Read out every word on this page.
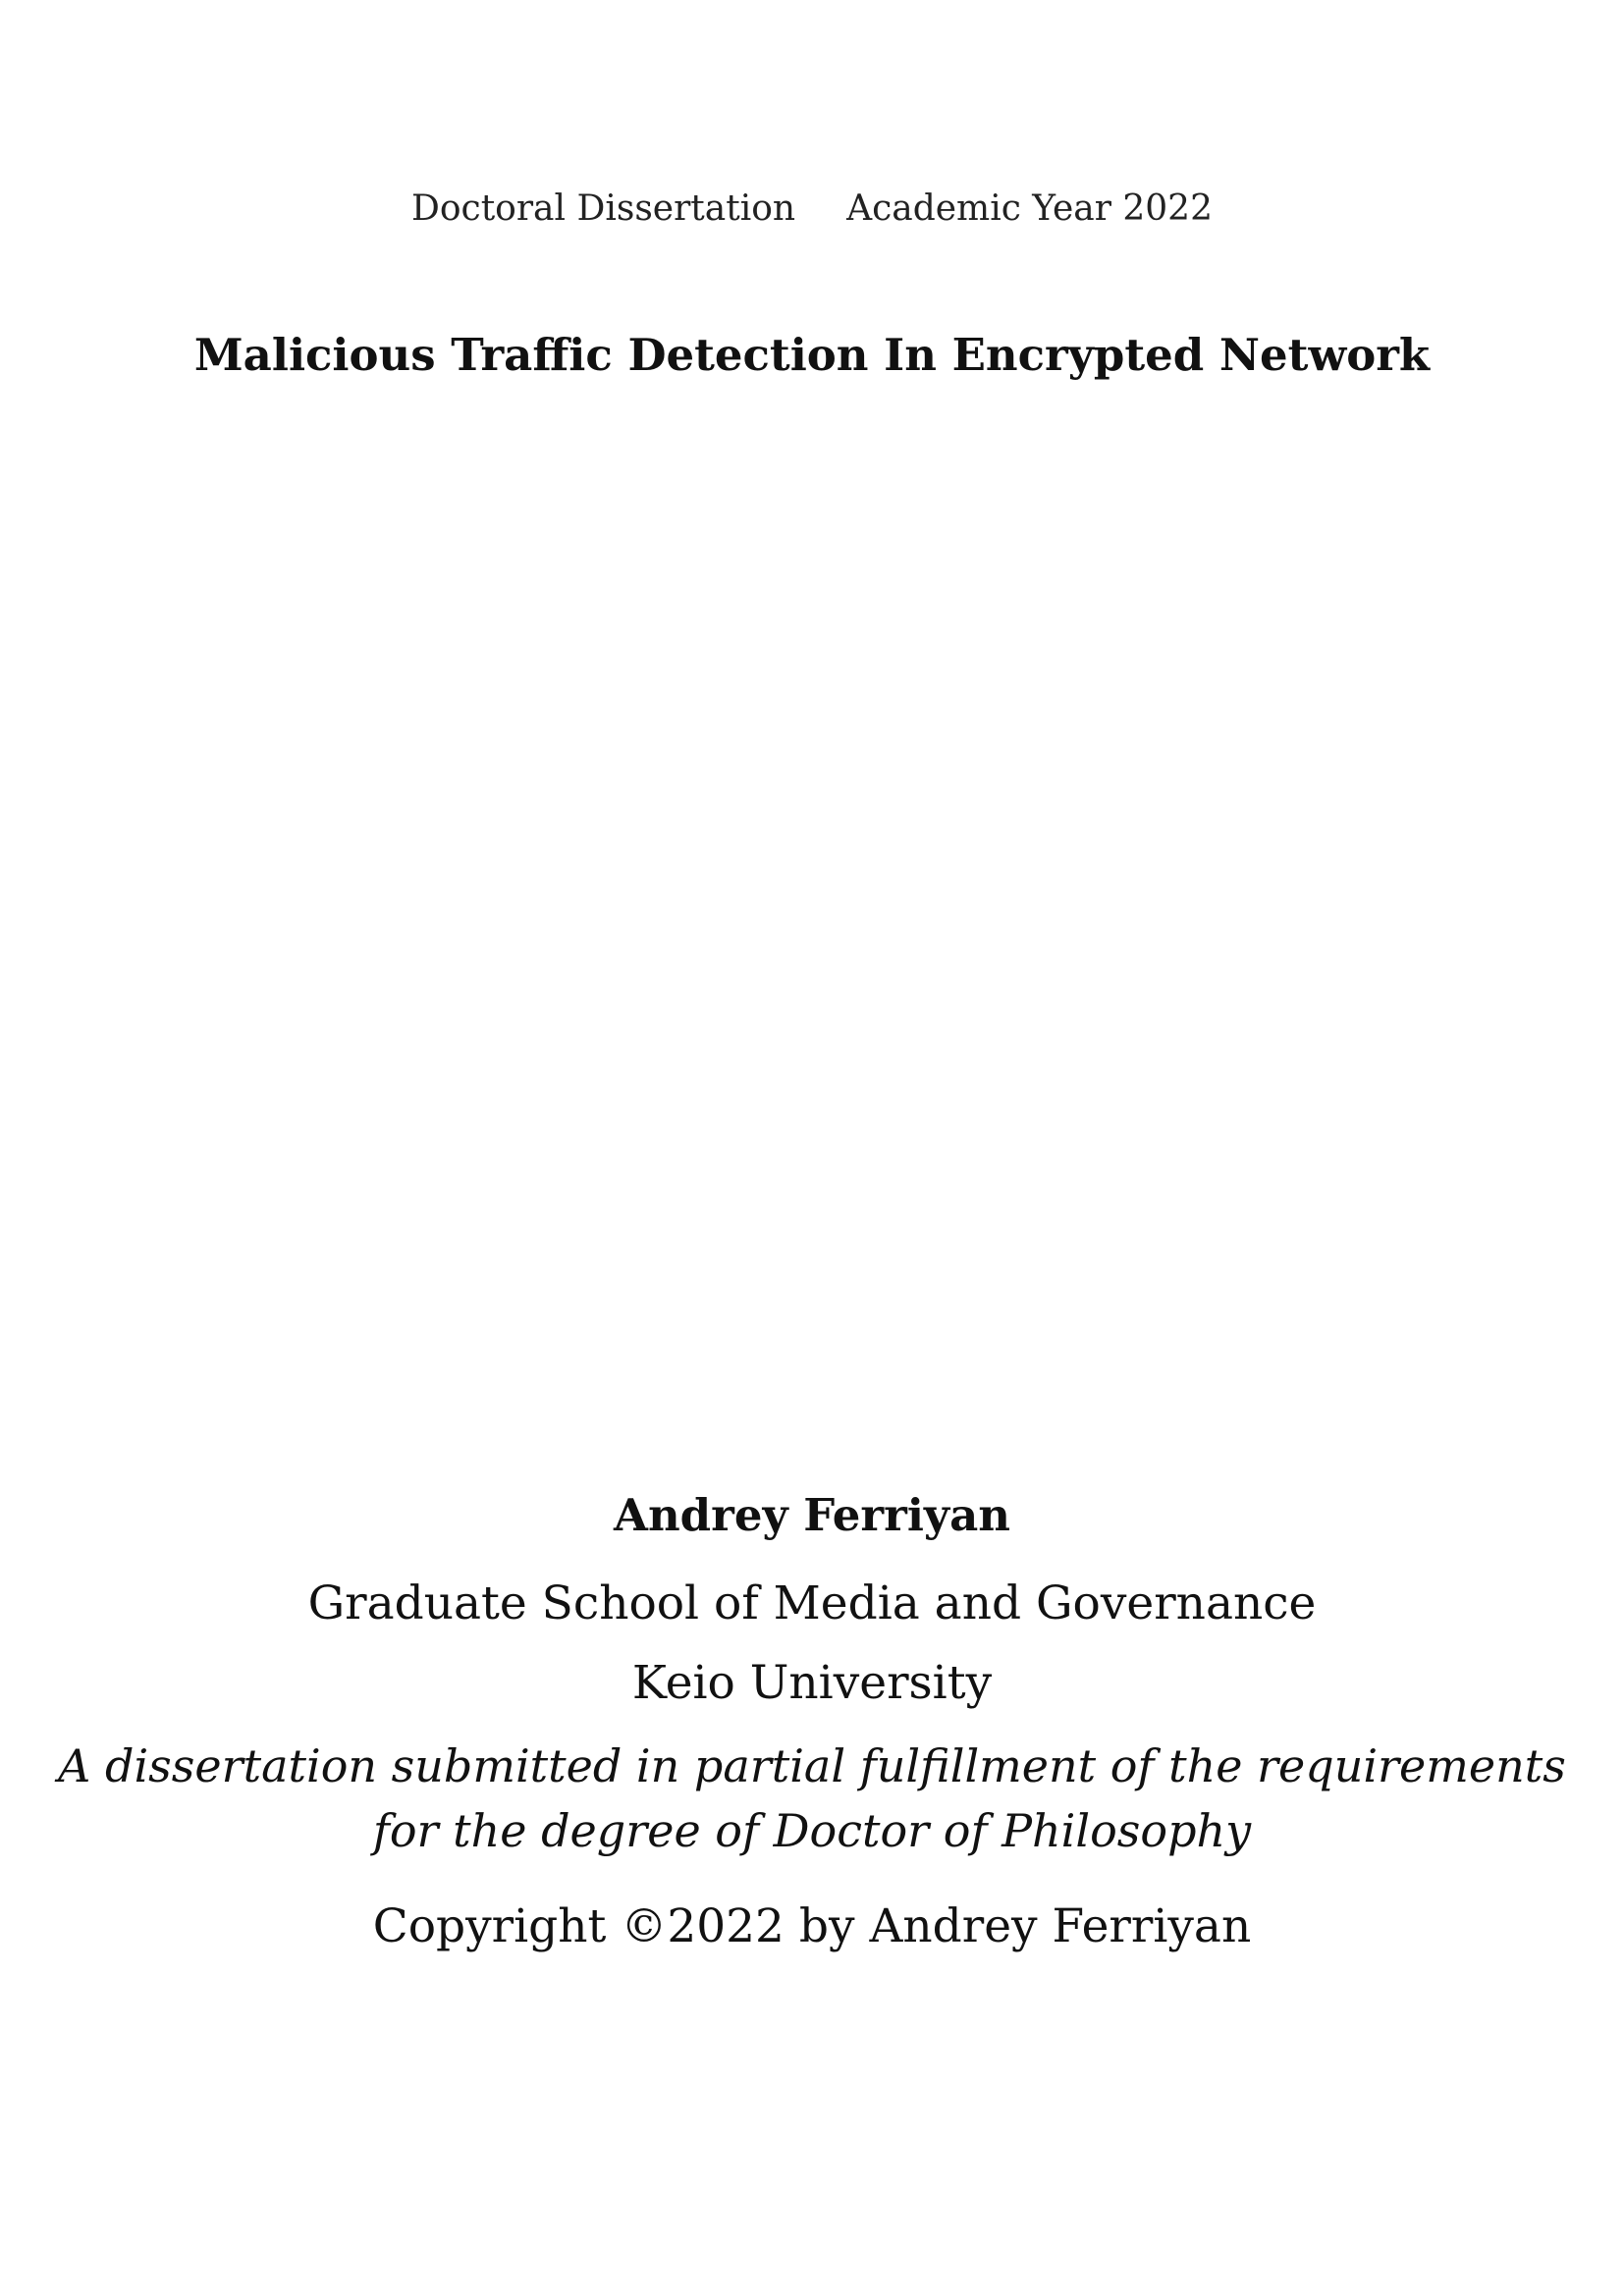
Doctoral Dissertation Academic Year 2022
Malicious Traffic Detection In Encrypted Network
Andrey Ferriyan
Graduate School of Media and Governance
Keio University
A dissertation submitted in partial fulfillment of the requirements
for the degree of Doctor of Philosophy
Copyright ©2022 by Andrey Ferriyan
